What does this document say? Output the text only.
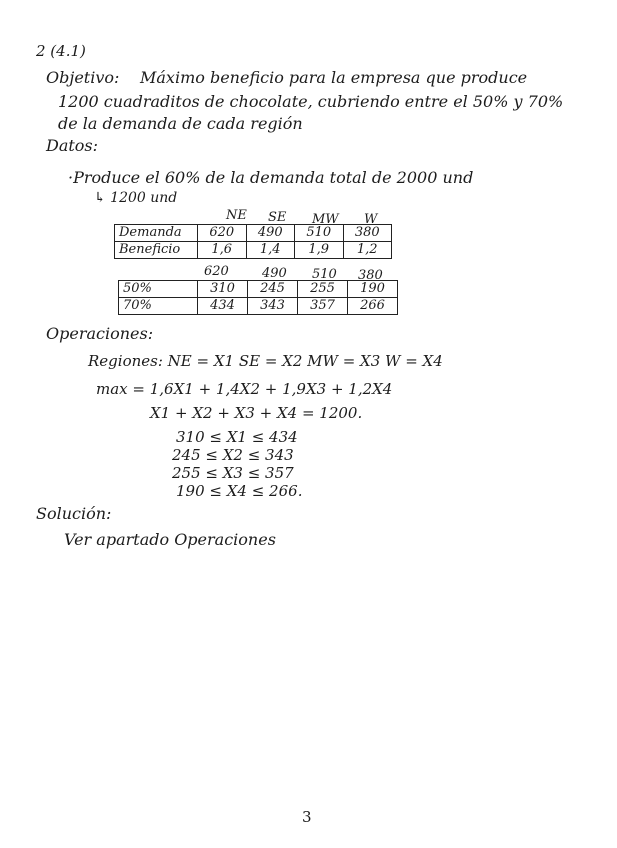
2 (4.1)
Objetivo: Máximo beneficio para la empresa que produce
1200 cuadraditos de chocolate, cubriendo entre el 50% y 70%
de la demanda de cada región
Datos:
·Produce el 60% de la demanda total de 2000 und
↳ 1200 und
NE SE MW W
Demanda	620	490	510	380
Beneficio	1,6	1,4	1,9	1,2
620	490 510 380
50%	310	245	255	190
70%	434	343	357	266
Operaciones:
Regiones: NE = X1 SE = X2 MW = X3 W = X4
max = 1,6X1 + 1,4X2 + 1,9X3 + 1,2X4
X1 + X2 + X3 + X4 = 1200.
310 ≤ X1 ≤ 434
245 ≤ X2 ≤ 343
255 ≤ X3 ≤ 357
190 ≤ X4 ≤ 266.
Solución:
Ver apartado Operaciones
3
